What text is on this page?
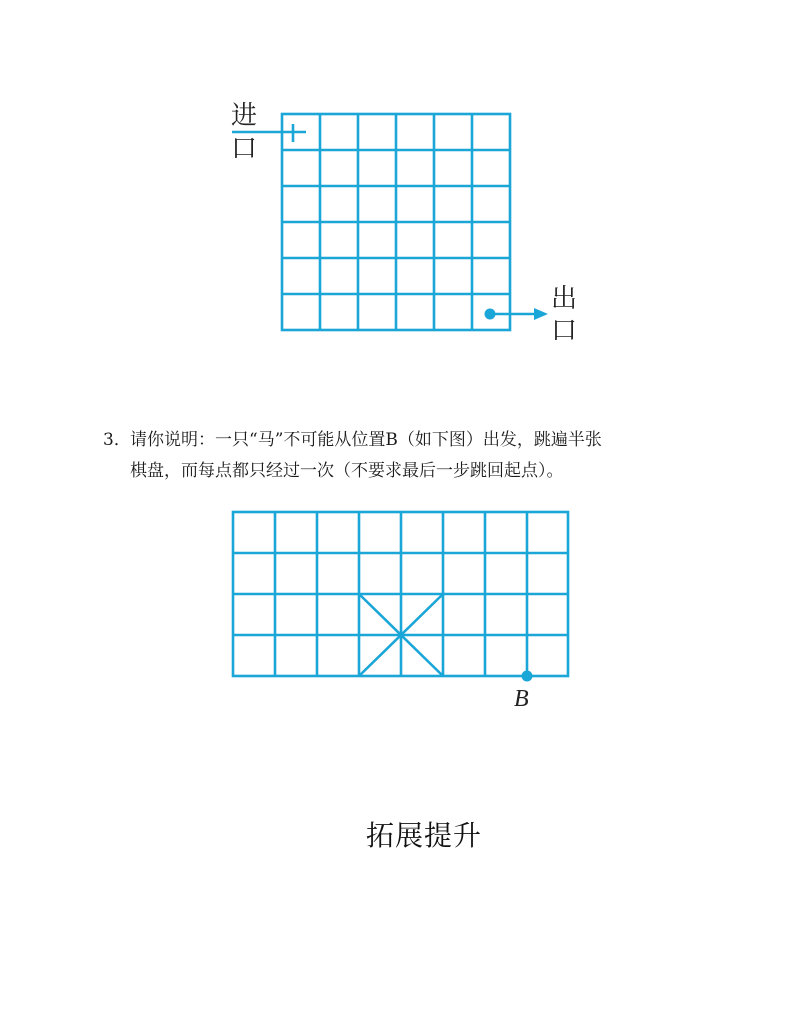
进
口
出
口
3． 请你说明：一只“马”不可能从位置B（如下图）出发，跳遍半张
棋盘，而每点都只经过一次（不要求最后一步跳回起点）。
B
拓展提升
